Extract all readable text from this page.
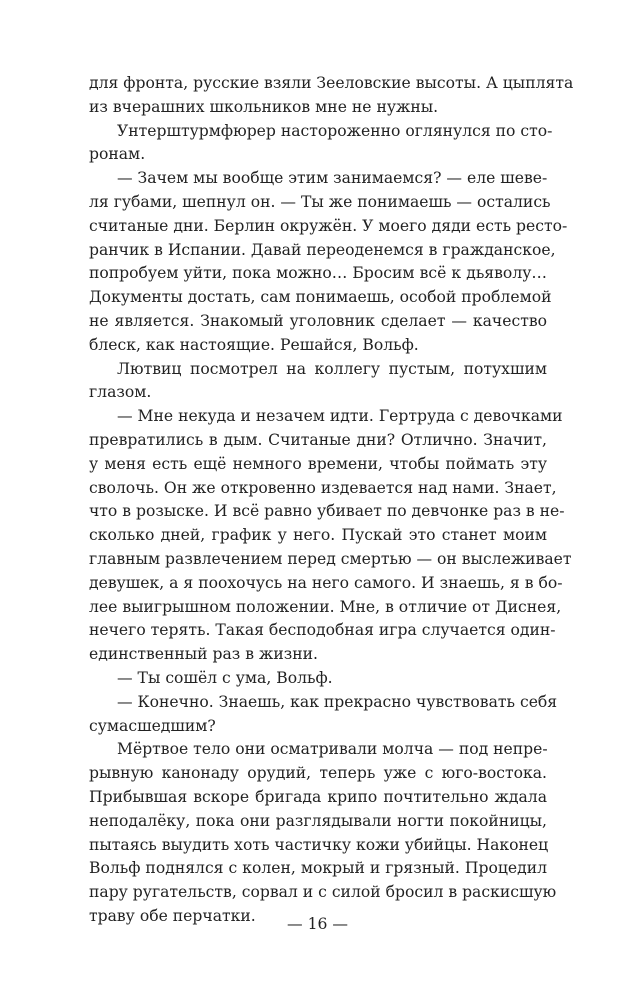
для фронта, русские взяли Зееловские высоты. А цыплята
из вчерашних школьников мне не нужны.
Унтерштурмфюрер настороженно оглянулся по сто-
ронам.
— Зачем мы вообще этим занимаемся? — еле шеве-
ля губами, шепнул он. — Ты же понимаешь — остались
считаные дни. Берлин окружён. У моего дяди есть ресто-
ранчик в Испании. Давай переоденемся в гражданское,
попробуем уйти, пока можно… Бросим всё к дьяволу…
Документы достать, сам понимаешь, особой проблемой
не является. Знакомый уголовник сделает — качество
блеск, как настоящие. Решайся, Вольф.
Лютвиц посмотрел на коллегу пустым, потухшим
глазом.
— Мне некуда и незачем идти. Гертруда с девочками
превратились в дым. Считаные дни? Отлично. Значит,
у меня есть ещё немного времени, чтобы поймать эту
сволочь. Он же откровенно издевается над нами. Знает,
что в розыске. И всё равно убивает по девчонке раз в не-
сколько дней, график у него. Пускай это станет моим
главным развлечением перед смертью — он выслеживает
девушек, а я поохочусь на него самого. И знаешь, я в бо-
лее выигрышном положении. Мне, в отличие от Диснея,
нечего терять. Такая бесподобная игра случается один-
единственный раз в жизни.
— Ты сошёл с ума, Вольф.
— Конечно. Знаешь, как прекрасно чувствовать себя
сумасшедшим?
Мёртвое тело они осматривали молча — под непре-
рывную канонаду орудий, теперь уже с юго-востока.
Прибывшая вскоре бригада крипо почтительно ждала
неподалёку, пока они разглядывали ногти покойницы,
пытаясь выудить хоть частичку кожи убийцы. Наконец
Вольф поднялся с колен, мокрый и грязный. Процедил
пару ругательств, сорвал и с силой бросил в раскисшую
траву обе перчатки.	— 16 —
